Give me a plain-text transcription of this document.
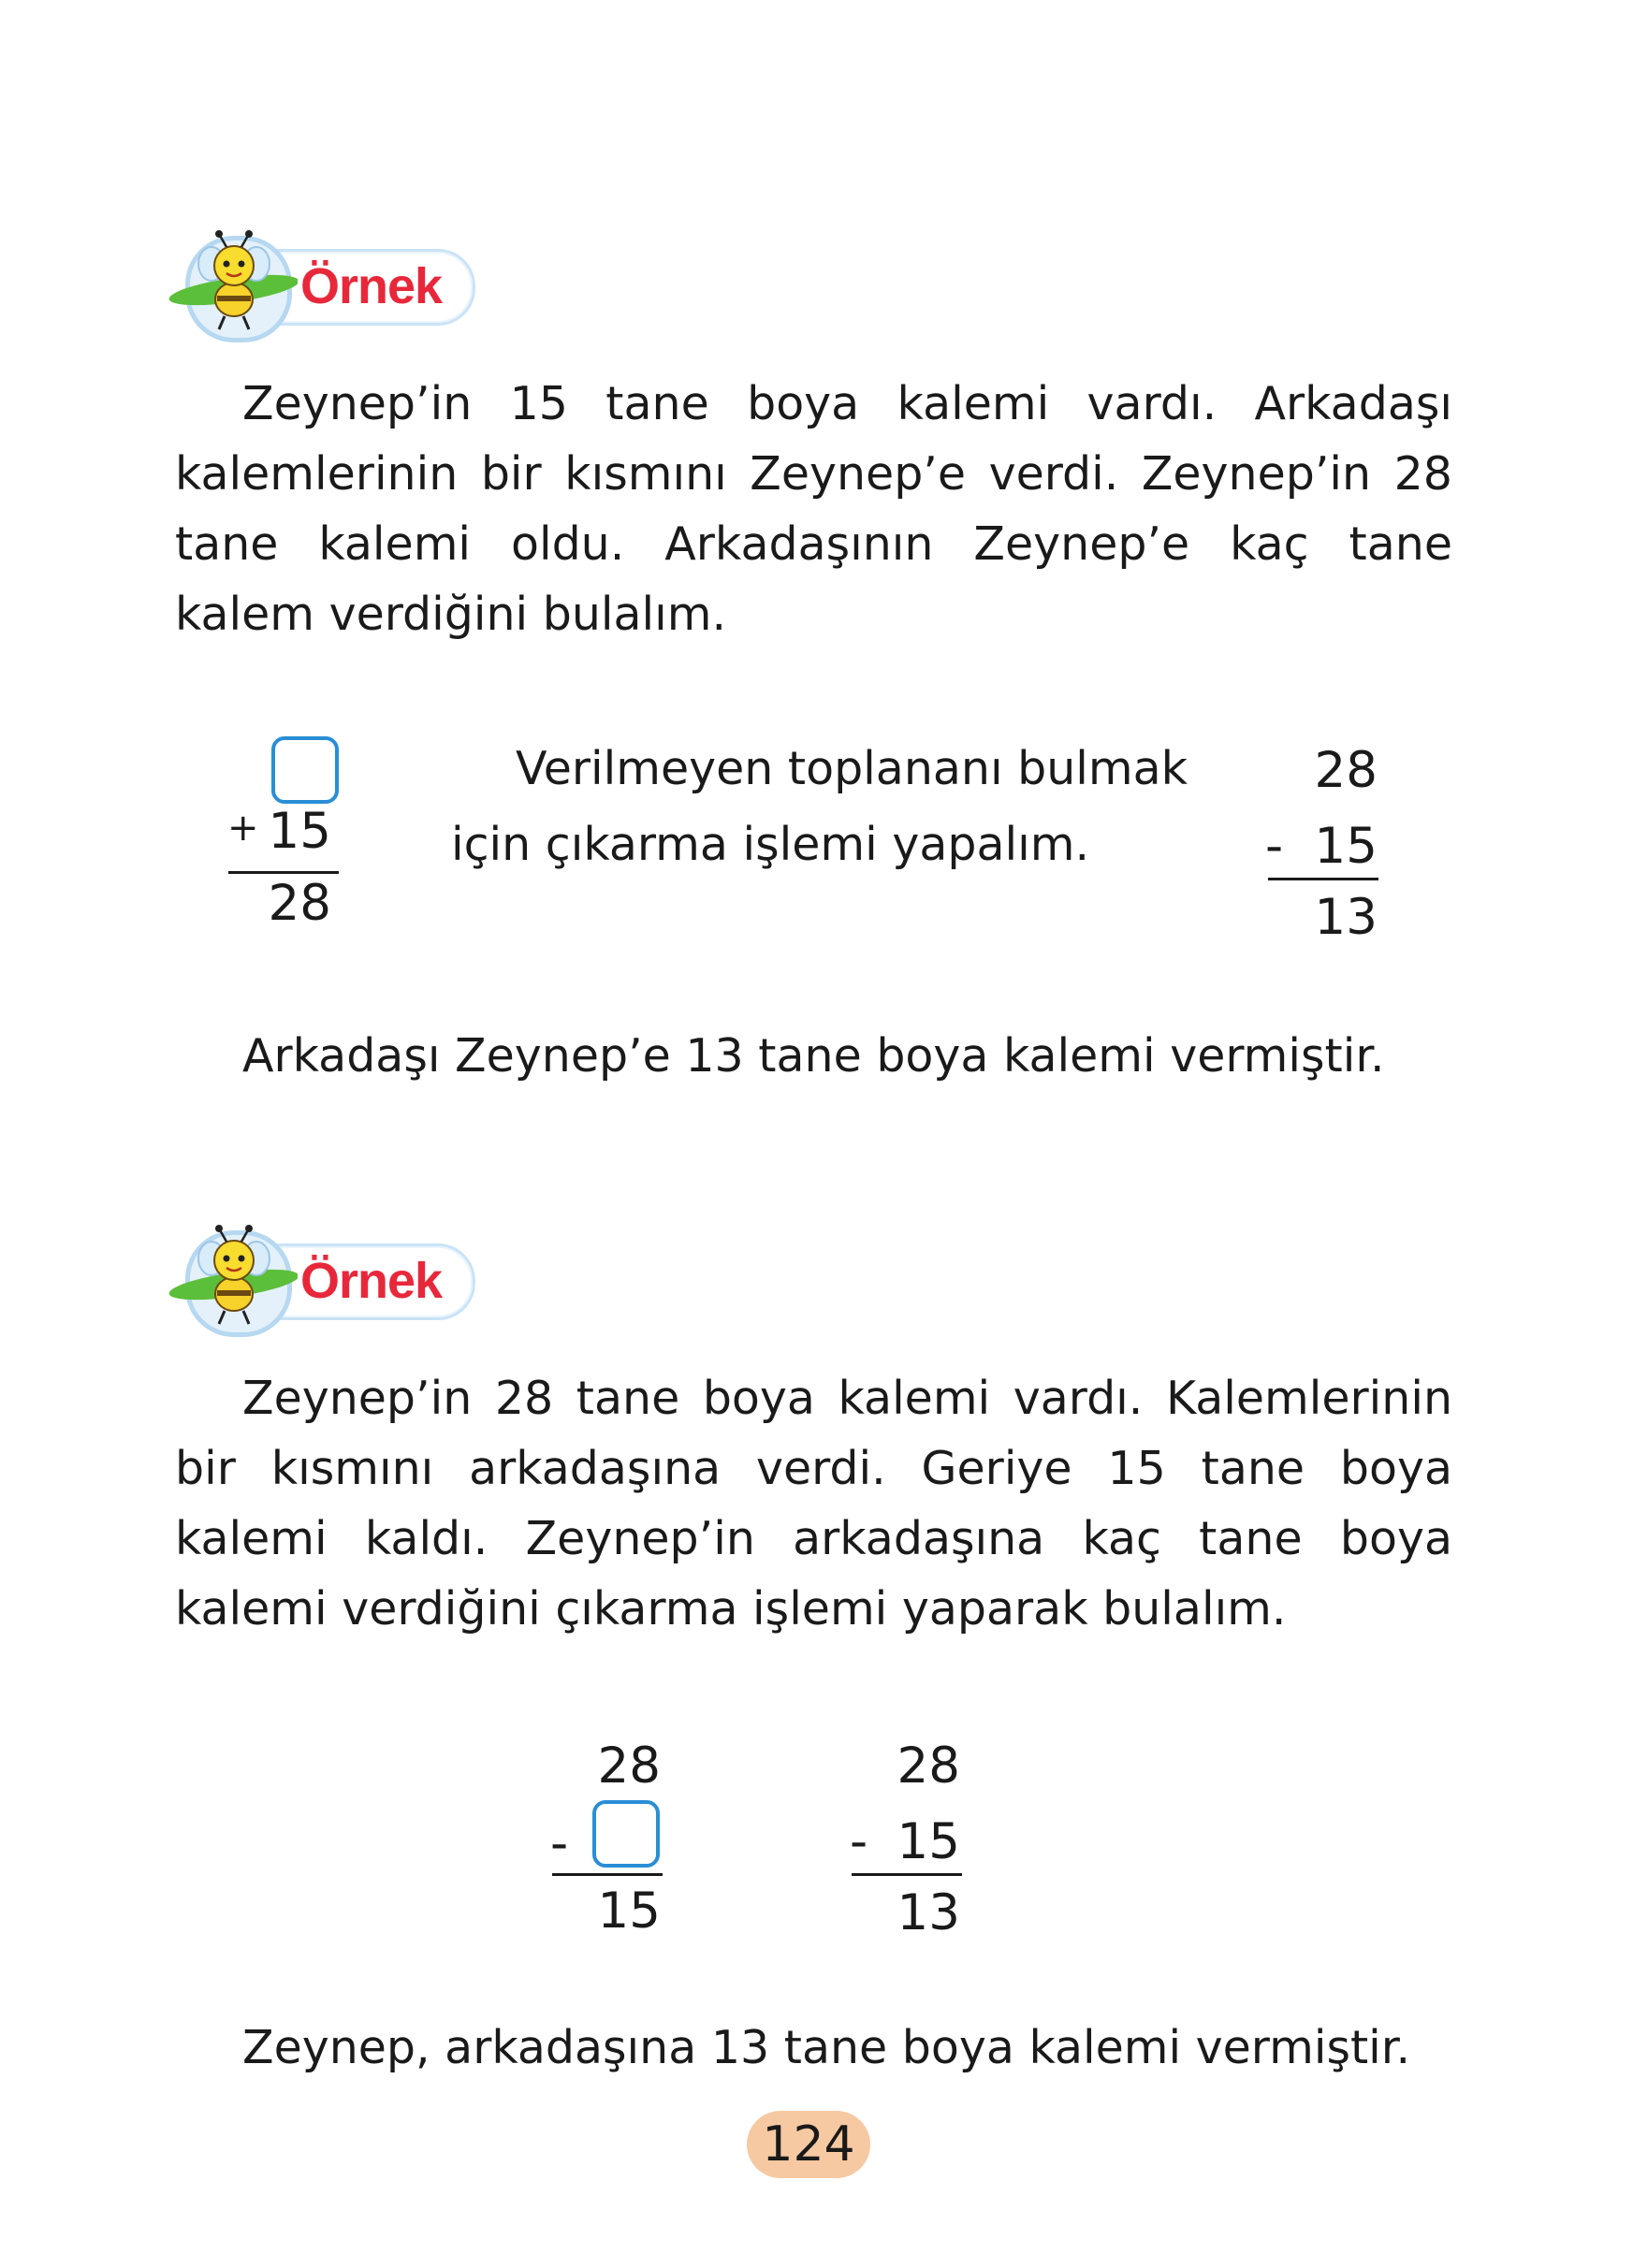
Örnek
Zeynep’in 15 tane boya kalemi vardı. Arkadaşı kalemlerinin bir kısmını Zeynep’e verdi. Zeynep’in 28 tane kalemi oldu. Arkadaşının Zeynep’e kaç tane kalem verdiğini bulalım.
+ 15
28
Verilmeyen toplananı bulmak
için çıkarma işlemi yapalım.
28
- 15
13
Arkadaşı Zeynep’e 13 tane boya kalemi vermiştir.
Örnek
Zeynep’in 28 tane boya kalemi vardı. Kalemlerinin bir kısmını arkadaşına verdi. Geriye 15 tane boya kalemi kaldı. Zeynep’in arkadaşına kaç tane boya kalemi verdiğini çıkarma işlemi yaparak bulalım.
28
-
15
28
- 15
13
Zeynep, arkadaşına 13 tane boya kalemi vermiştir.
124
